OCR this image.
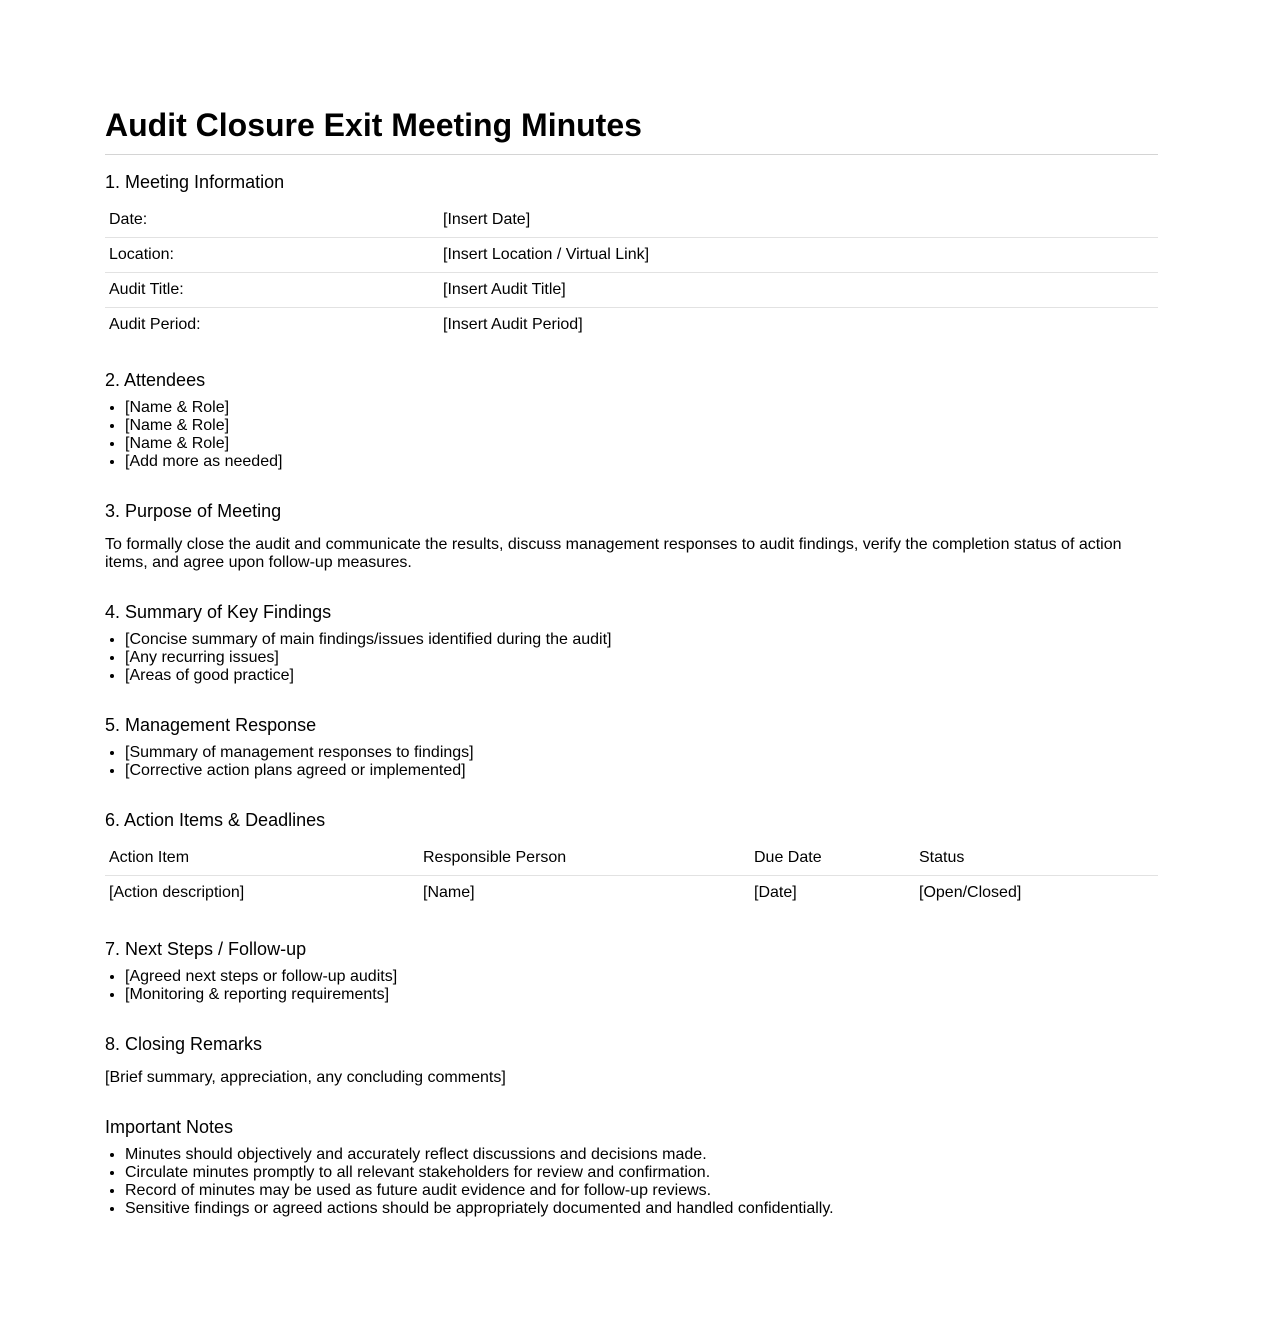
Audit Closure Exit Meeting Minutes
1. Meeting Information
Date:	[Insert Date]
Location:	[Insert Location / Virtual Link]
Audit Title:	[Insert Audit Title]
Audit Period:	[Insert Audit Period]
2. Attendees
• [Name & Role]
• [Name & Role]
• [Name & Role]
• [Add more as needed]
3. Purpose of Meeting

To formally close the audit and communicate the results, discuss management responses to audit findings, verify the completion status of action items, and agree upon follow-up measures.

4. Summary of Key Findings
• [Concise summary of main findings/issues identified during the audit]
• [Any recurring issues]
• [Areas of good practice]
5. Management Response
• [Summary of management responses to findings]
• [Corrective action plans agreed or implemented]
6. Action Items & Deadlines
Action Item	Responsible Person	Due Date	Status
[Action description]	[Name]	[Date]	[Open/Closed]
7. Next Steps / Follow-up
• [Agreed next steps or follow-up audits]
• [Monitoring & reporting requirements]
8. Closing Remarks

[Brief summary, appreciation, any concluding comments]

Important Notes
• Minutes should objectively and accurately reflect discussions and decisions made.
• Circulate minutes promptly to all relevant stakeholders for review and confirmation.
• Record of minutes may be used as future audit evidence and for follow-up reviews.
• Sensitive findings or agreed actions should be appropriately documented and handled confidentially.
